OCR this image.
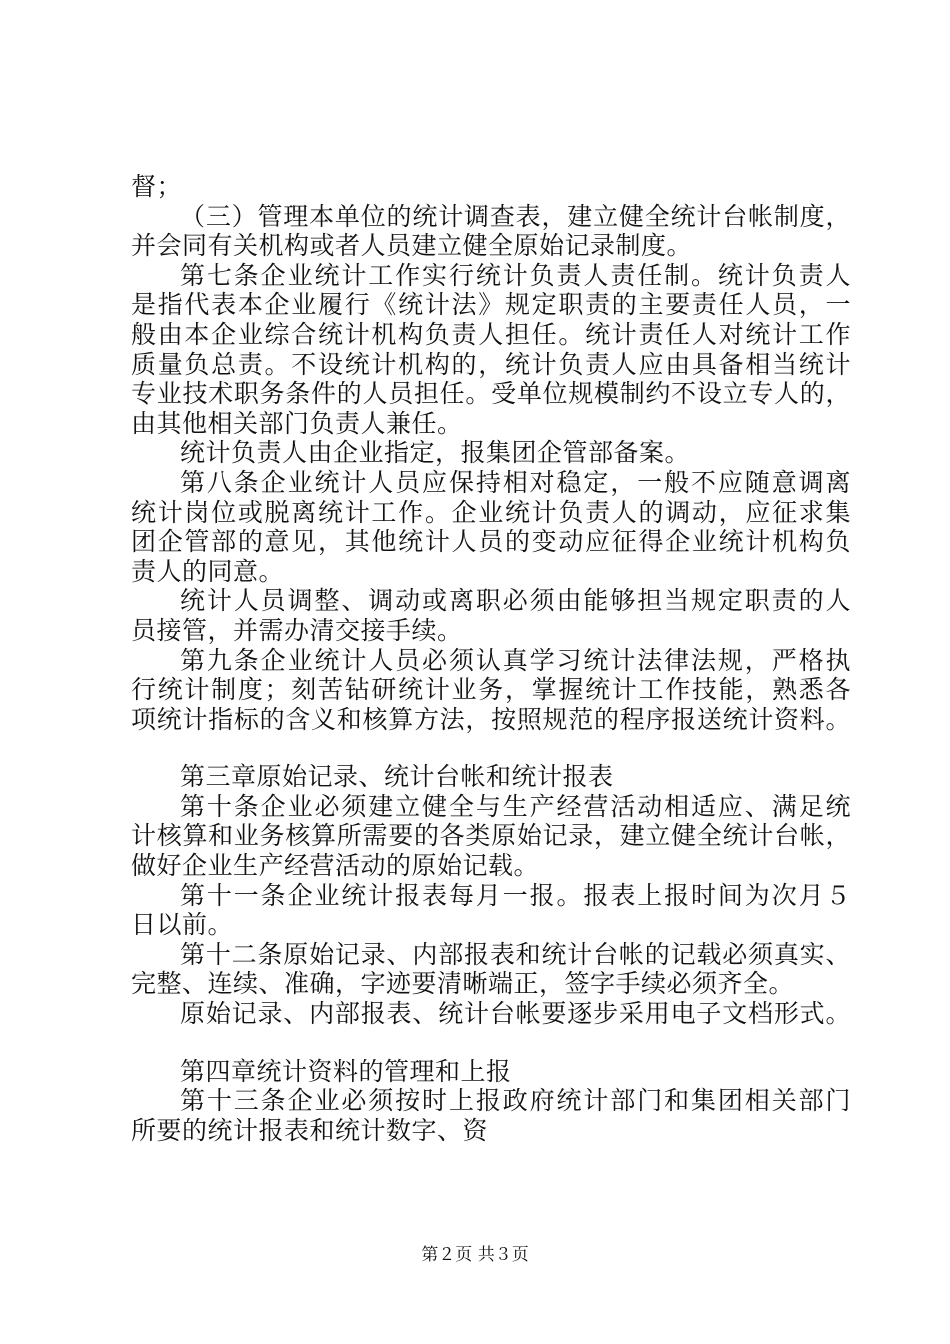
督；
（三）管理本单位的统计调查表，建立健全统计台帐制度，
并会同有关机构或者人员建立健全原始记录制度。
第七条企业统计工作实行统计负责人责任制。统计负责人
是指代表本企业履行《统计法》规定职责的主要责任人员，一
般由本企业综合统计机构负责人担任。统计责任人对统计工作
质量负总责。不设统计机构的，统计负责人应由具备相当统计
专业技术职务条件的人员担任。受单位规模制约不设立专人的，
由其他相关部门负责人兼任。
统计负责人由企业指定，报集团企管部备案。
第八条企业统计人员应保持相对稳定，一般不应随意调离
统计岗位或脱离统计工作。企业统计负责人的调动，应征求集
团企管部的意见，其他统计人员的变动应征得企业统计机构负
责人的同意。
统计人员调整、调动或离职必须由能够担当规定职责的人
员接管，并需办清交接手续。
第九条企业统计人员必须认真学习统计法律法规，严格执
行统计制度；刻苦钻研统计业务，掌握统计工作技能，熟悉各
项统计指标的含义和核算方法，按照规范的程序报送统计资料。
第三章原始记录、统计台帐和统计报表
第十条企业必须建立健全与生产经营活动相适应、满足统
计核算和业务核算所需要的各类原始记录，建立健全统计台帐，
做好企业生产经营活动的原始记载。
第十一条企业统计报表每月一报。报表上报时间为次月５
日以前。
第十二条原始记录、内部报表和统计台帐的记载必须真实、
完整、连续、准确，字迹要清晰端正，签字手续必须齐全。
原始记录、内部报表、统计台帐要逐步采用电子文档形式。
第四章统计资料的管理和上报
第十三条企业必须按时上报政府统计部门和集团相关部门
所要的统计报表和统计数字、资
第２页 共３页
